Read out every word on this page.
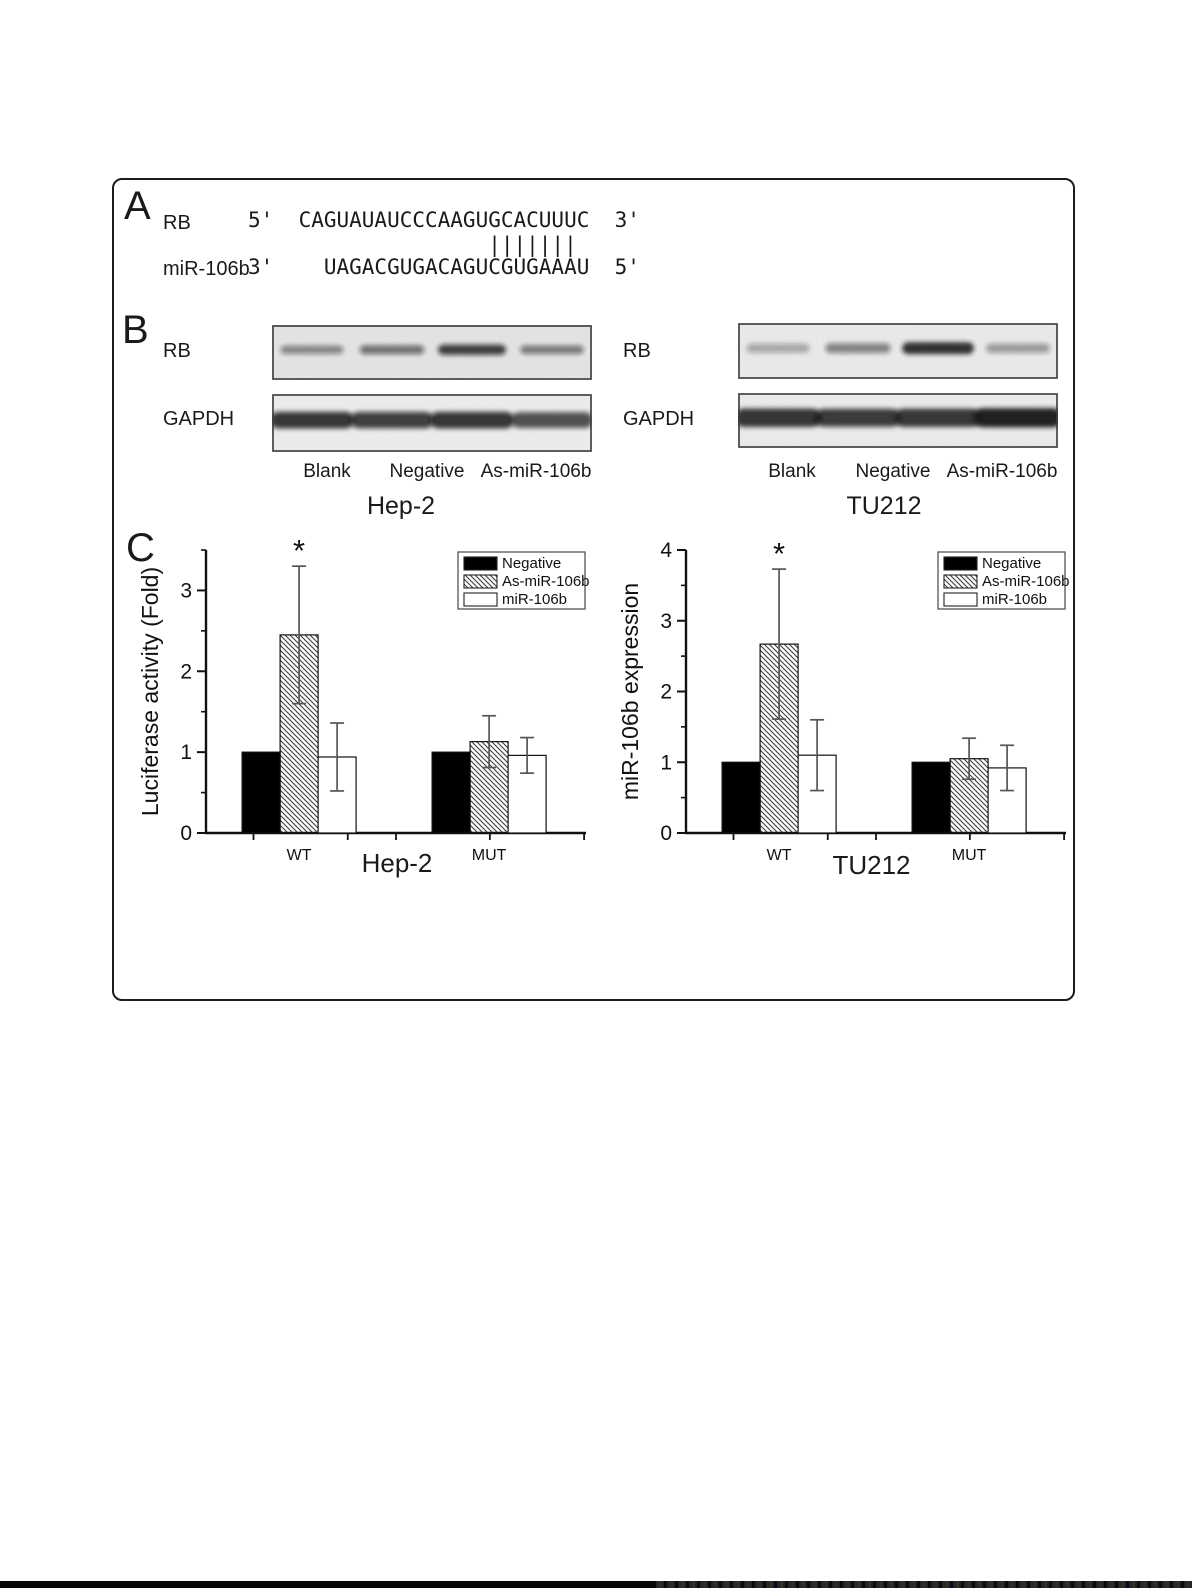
A RB	5'  CAGUAUAUCCCAAGUGCACUUUC  3'
|||||||
miR-106b
3'    UAGACGUGACAGUCGUGAAAU  5'
B RB
GAPDH
Blank Negative As-miR-106b
Hep-2
RB
GAPDH
Blank Negative As-miR-106b
TU212
C
0
1
2
3
WT	MUT
*	Negative
As-miR-106b
miR-106b
Luciferase activity (Fold)
Hep-2
0
1
2
3
4
WT	MUT
*	Negative
As-miR-106b
miR-106b
miR-106b expression
TU212
